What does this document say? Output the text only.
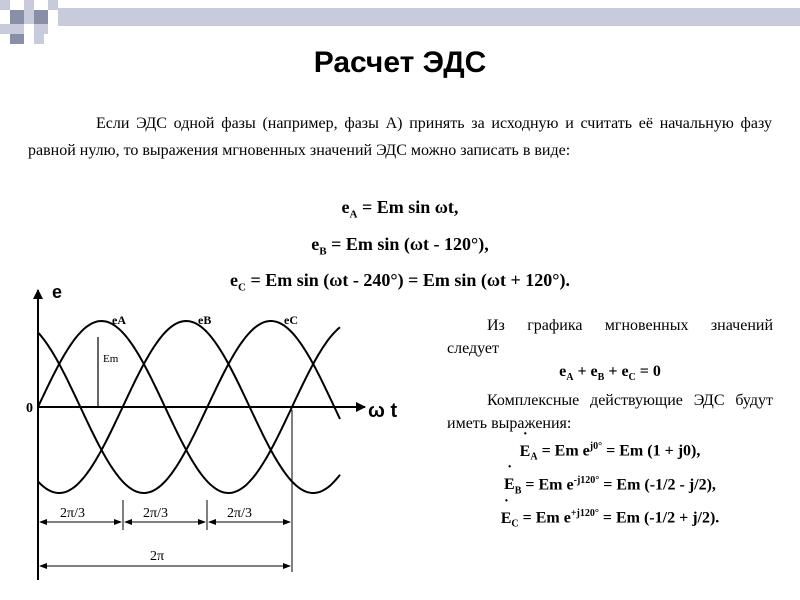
Расчет ЭДС
Если ЭДС одной фазы (например, фазы А) принять за исходную и считать её начальную фазу равной нулю, то выражения мгновенных значений ЭДС можно записать в виде:
$e_A = Em$ sin ωt,
$e_B = Em$ sin (ωt - 120°),
$e_C = Em$ sin (ωt - 240°) = Em sin (ωt + 120°).
e
ω t
0
Em
eA	eB	eC
2π/3	2π/3	2π/3
2π

Из графика мгновенных значений следует

$e_A + e_B + e_C = 0$

Комплексные действующие ЭДС будут иметь выражения:

˙ $E_A = Em$ $e^{j0^\circ} = Em$ (1 + j0),

˙ $E_B = Em$ $e^{-j120^\circ} = Em$ (-1/2 - j/2),

˙ $E_C = Em$ $e^{+j120^\circ} = Em$ (-1/2 + j/2).
